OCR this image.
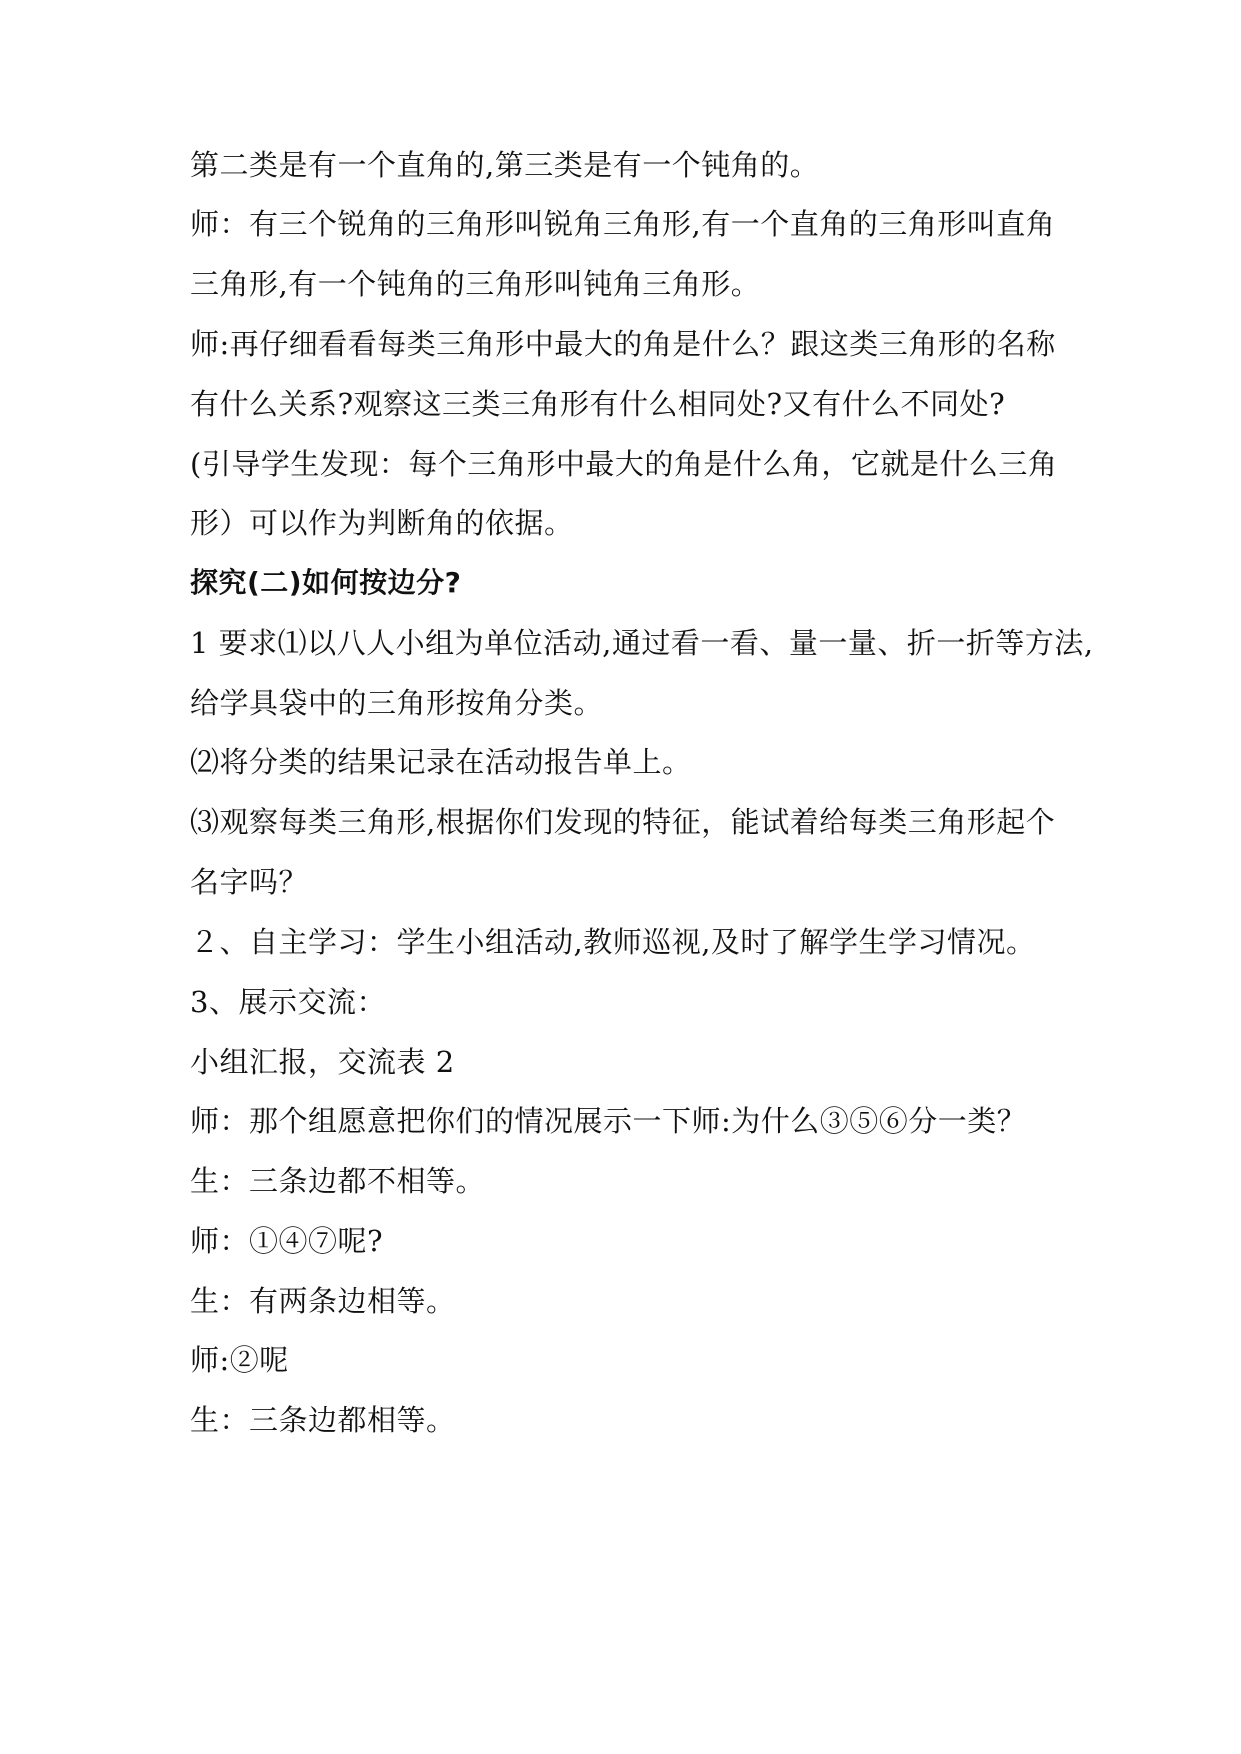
第二类是有一个直角的,第三类是有一个钝角的。
师：有三个锐角的三角形叫锐角三角形,有一个直角的三角形叫直角
三角形,有一个钝角的三角形叫钝角三角形。
师:再仔细看看每类三角形中最大的角是什么？跟这类三角形的名称
有什么关系?观察这三类三角形有什么相同处?又有什么不同处?
(引导学生发现：每个三角形中最大的角是什么角，它就是什么三角
形）可以作为判断角的依据。
探究(二)如何按边分?
1 要求⑴以八人小组为单位活动,通过看一看、量一量、折一折等方法,
给学具袋中的三角形按角分类。
⑵将分类的结果记录在活动报告单上。
⑶观察每类三角形,根据你们发现的特征，能试着给每类三角形起个
名字吗？
２、自主学习：学生小组活动,教师巡视,及时了解学生学习情况。
3、展示交流：
小组汇报，交流表 2
师：那个组愿意把你们的情况展示一下师:为什么③⑤⑥分一类？
生：三条边都不相等。
师：①④⑦呢?
生：有两条边相等。
师:②呢
生：三条边都相等。
